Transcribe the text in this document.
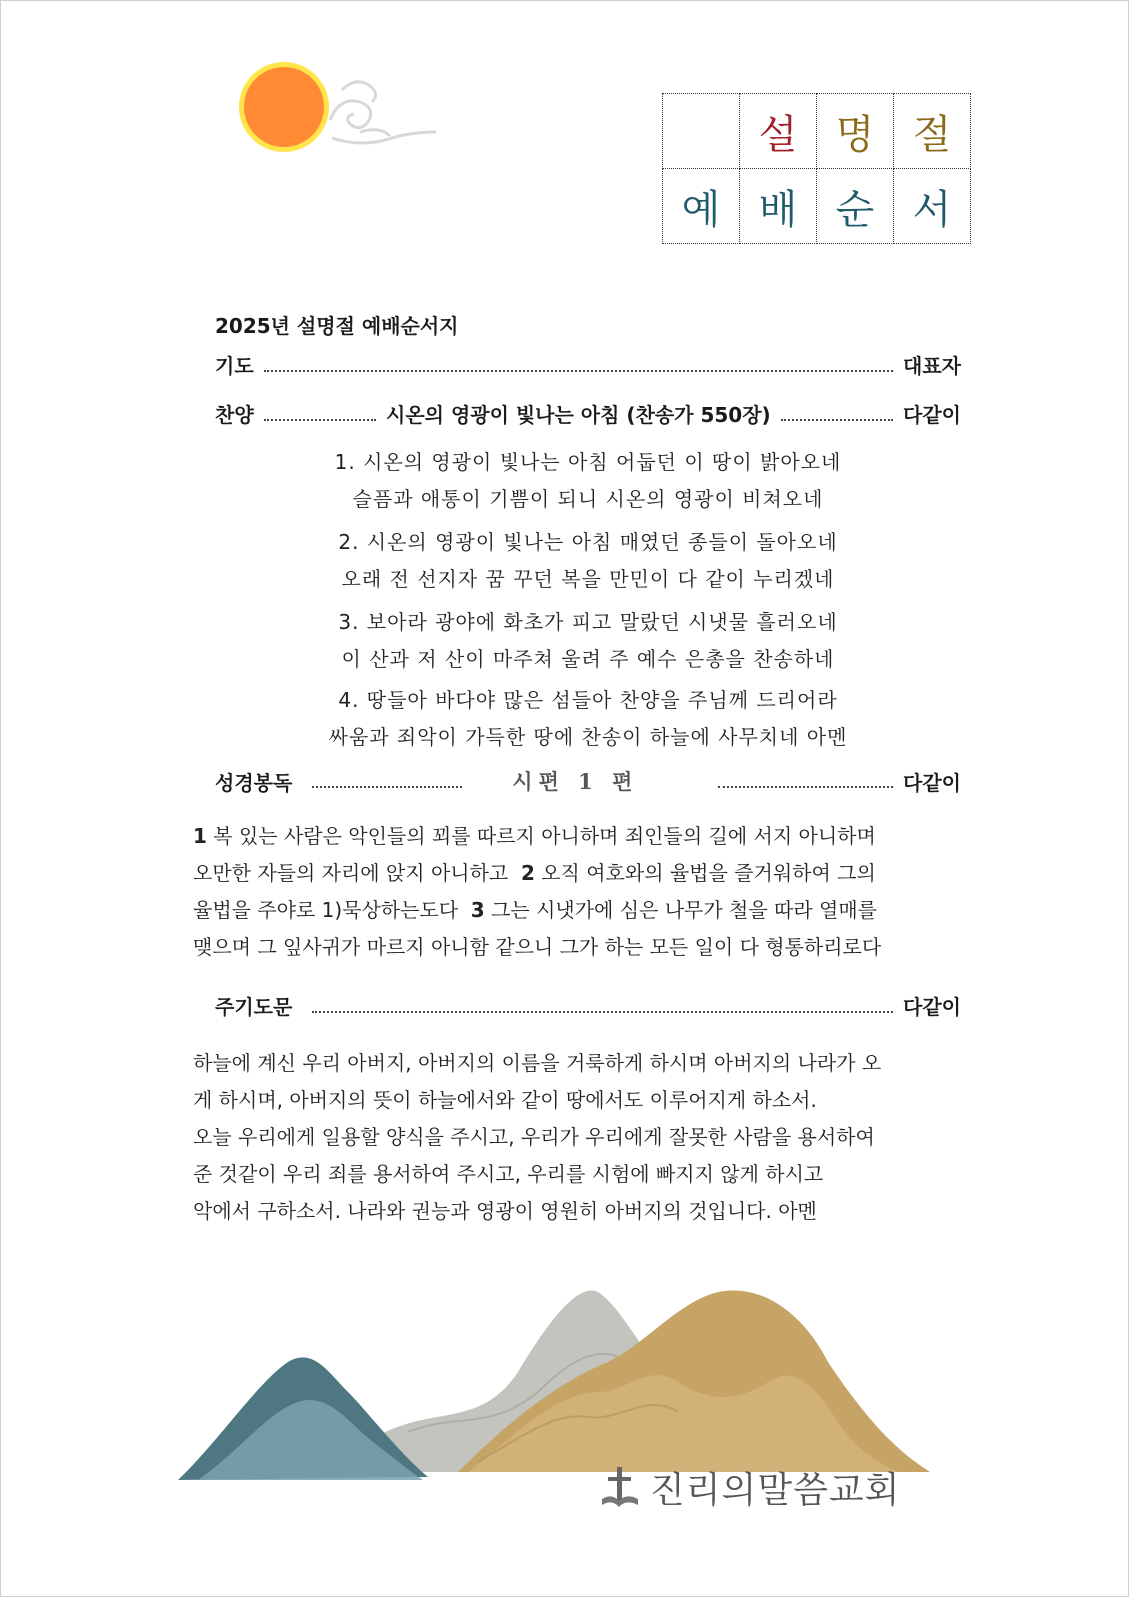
	설	명	절
예	배	순	서
2025년 설명절 예배순서지
기도	대표자
찬양	시온의 영광이 빛나는 아침 (찬송가 550장)	다같이
1. 시온의 영광이 빛나는 아침 어둡던 이 땅이 밝아오네
슬픔과 애통이 기쁨이 되니 시온의 영광이 비쳐오네
2. 시온의 영광이 빛나는 아침 매였던 종들이 돌아오네
오래 전 선지자 꿈 꾸던 복을 만민이 다 같이 누리겠네
3. 보아라 광야에 화초가 피고 말랐던 시냇물 흘러오네
이 산과 저 산이 마주쳐 울려 주 예수 은총을 찬송하네
4. 땅들아 바다야 많은 섬들아 찬양을 주님께 드리어라
싸움과 죄악이 가득한 땅에 찬송이 하늘에 사무치네 아멘
성경봉독	시편 1 편	다같이
1 복 있는 사람은 악인들의 꾀를 따르지 아니하며 죄인들의 길에 서지 아니하며
오만한 자들의 자리에 앉지 아니하고  2 오직 여호와의 율법을 즐거워하여 그의
율법을 주야로 1)묵상하는도다  3 그는 시냇가에 심은 나무가 철을 따라 열매를
맺으며 그 잎사귀가 마르지 아니함 같으니 그가 하는 모든 일이 다 형통하리로다
주기도문	다같이
하늘에 계신 우리 아버지, 아버지의 이름을 거룩하게 하시며 아버지의 나라가 오
게 하시며, 아버지의 뜻이 하늘에서와 같이 땅에서도 이루어지게 하소서.
오늘 우리에게 일용할 양식을 주시고, 우리가 우리에게 잘못한 사람을 용서하여
준 것같이 우리 죄를 용서하여 주시고, 우리를 시험에 빠지지 않게 하시고
악에서 구하소서. 나라와 권능과 영광이 영원히 아버지의 것입니다. 아멘
진리의말씀교회
